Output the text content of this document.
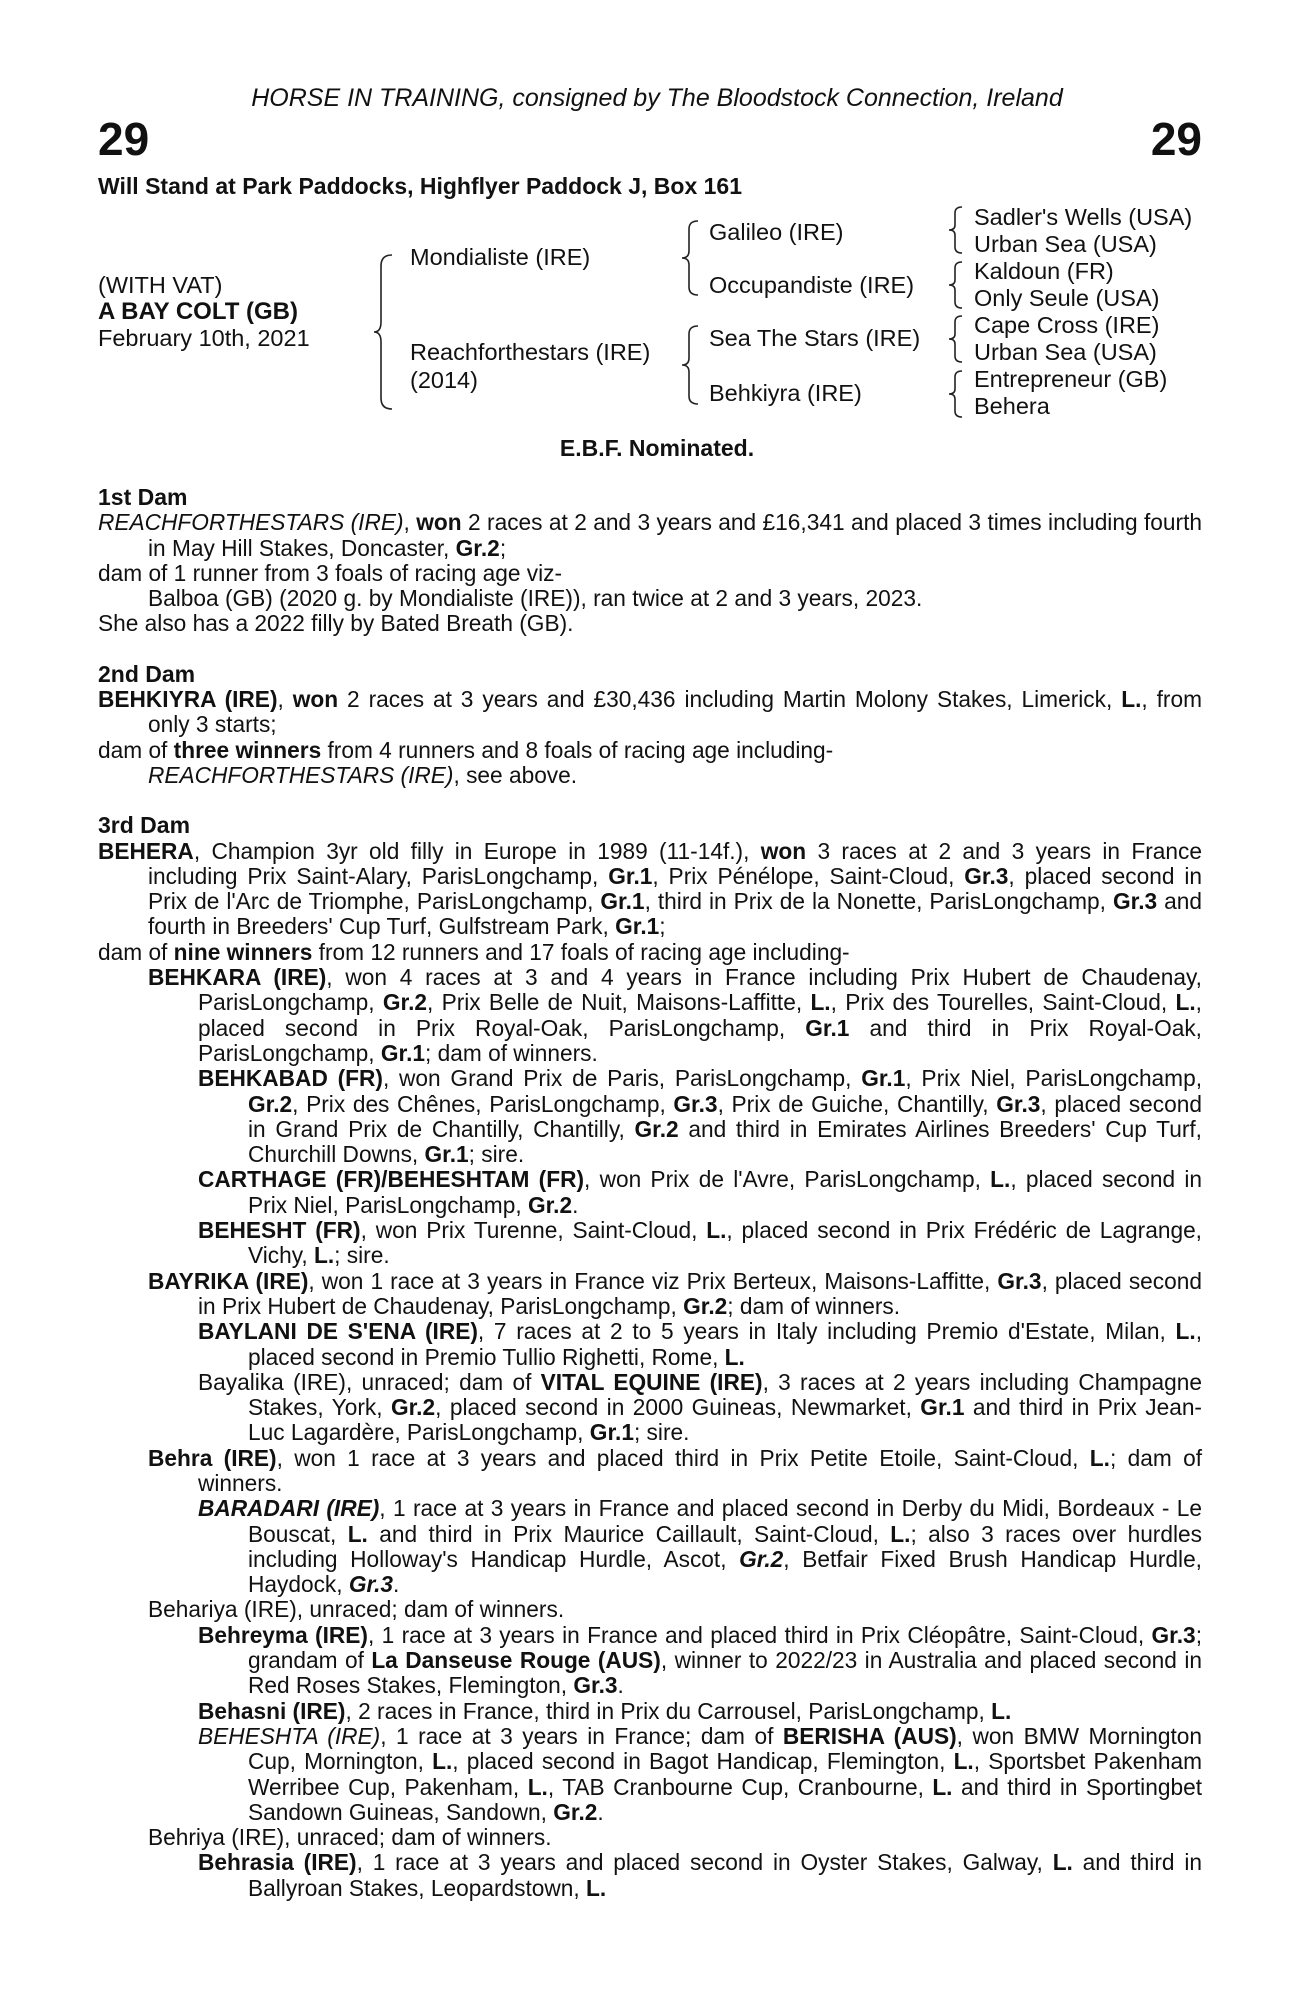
HORSE IN TRAINING, consigned by The Bloodstock Connection, Ireland
29	29
Will Stand at Park Paddocks, Highflyer Paddock J, Box 161
(WITH VAT)
A BAY COLT (GB)
February 10th, 2021
Mondialiste (IRE)
Reachforthestars (IRE)
(2014)
Galileo (IRE)
Occupandiste (IRE)
Sea The Stars (IRE)
Behkiyra (IRE)
Sadler's Wells (USA)
Urban Sea (USA)
Kaldoun (FR)
Only Seule (USA)
Cape Cross (IRE)
Urban Sea (USA)
Entrepreneur (GB)
Behera
E.B.F. Nominated.
1st Dam
REACHFORTHESTARS (IRE), won 2 races at 2 and 3 years and £16,341 and placed 3 times including fourth in May Hill Stakes, Doncaster, Gr.2;
dam of 1 runner from 3 foals of racing age viz-
Balboa (GB) (2020 g. by Mondialiste (IRE)), ran twice at 2 and 3 years, 2023.
She also has a 2022 filly by Bated Breath (GB).
2nd Dam
BEHKIYRA (IRE), won 2 races at 3 years and £30,436 including Martin Molony Stakes, Limerick, L., from only 3 starts;
dam of three winners from 4 runners and 8 foals of racing age including-
REACHFORTHESTARS (IRE), see above.
3rd Dam
BEHERA, Champion 3yr old filly in Europe in 1989 (11-14f.), won 3 races at 2 and 3 years in France including Prix Saint-Alary, ParisLongchamp, Gr.1, Prix Pénélope, Saint-Cloud, Gr.3, placed second in Prix de l'Arc de Triomphe, ParisLongchamp, Gr.1, third in Prix de la Nonette, ParisLongchamp, Gr.3 and fourth in Breeders' Cup Turf, Gulfstream Park, Gr.1;
dam of nine winners from 12 runners and 17 foals of racing age including-
BEHKARA (IRE), won 4 races at 3 and 4 years in France including Prix Hubert de Chaudenay, ParisLongchamp, Gr.2, Prix Belle de Nuit, Maisons-Laffitte, L., Prix des Tourelles, Saint-Cloud, L., placed second in Prix Royal-Oak, ParisLongchamp, Gr.1 and third in Prix Royal-Oak, ParisLongchamp, Gr.1; dam of winners.
BEHKABAD (FR), won Grand Prix de Paris, ParisLongchamp, Gr.1, Prix Niel, ParisLongchamp, Gr.2, Prix des Chênes, ParisLongchamp, Gr.3, Prix de Guiche, Chantilly, Gr.3, placed second in Grand Prix de Chantilly, Chantilly, Gr.2 and third in Emirates Airlines Breeders' Cup Turf, Churchill Downs, Gr.1; sire.
CARTHAGE (FR)/BEHESHTAM (FR), won Prix de l'Avre, ParisLongchamp, L., placed second in Prix Niel, ParisLongchamp, Gr.2.
BEHESHT (FR), won Prix Turenne, Saint-Cloud, L., placed second in Prix Frédéric de Lagrange, Vichy, L.; sire.
BAYRIKA (IRE), won 1 race at 3 years in France viz Prix Berteux, Maisons-Laffitte, Gr.3, placed second in Prix Hubert de Chaudenay, ParisLongchamp, Gr.2; dam of winners.
BAYLANI DE S'ENA (IRE), 7 races at 2 to 5 years in Italy including Premio d'Estate, Milan, L., placed second in Premio Tullio Righetti, Rome, L.
Bayalika (IRE), unraced; dam of VITAL EQUINE (IRE), 3 races at 2 years including Champagne Stakes, York, Gr.2, placed second in 2000 Guineas, Newmarket, Gr.1 and third in Prix Jean-Luc Lagardère, ParisLongchamp, Gr.1; sire.
Behra (IRE), won 1 race at 3 years and placed third in Prix Petite Etoile, Saint-Cloud, L.; dam of winners.
BARADARI (IRE), 1 race at 3 years in France and placed second in Derby du Midi, Bordeaux - Le Bouscat, L. and third in Prix Maurice Caillault, Saint-Cloud, L.; also 3 races over hurdles including Holloway's Handicap Hurdle, Ascot, Gr.2, Betfair Fixed Brush Handicap Hurdle, Haydock, Gr.3.
Behariya (IRE), unraced; dam of winners.
Behreyma (IRE), 1 race at 3 years in France and placed third in Prix Cléopâtre, Saint-Cloud, Gr.3; grandam of La Danseuse Rouge (AUS), winner to 2022/23 in Australia and placed second in Red Roses Stakes, Flemington, Gr.3.
Behasni (IRE), 2 races in France, third in Prix du Carrousel, ParisLongchamp, L.
BEHESHTA (IRE), 1 race at 3 years in France; dam of BERISHA (AUS), won BMW Mornington Cup, Mornington, L., placed second in Bagot Handicap, Flemington, L., Sportsbet Pakenham Werribee Cup, Pakenham, L., TAB Cranbourne Cup, Cranbourne, L. and third in Sportingbet Sandown Guineas, Sandown, Gr.2.
Behriya (IRE), unraced; dam of winners.
Behrasia (IRE), 1 race at 3 years and placed second in Oyster Stakes, Galway, L. and third in Ballyroan Stakes, Leopardstown, L.
